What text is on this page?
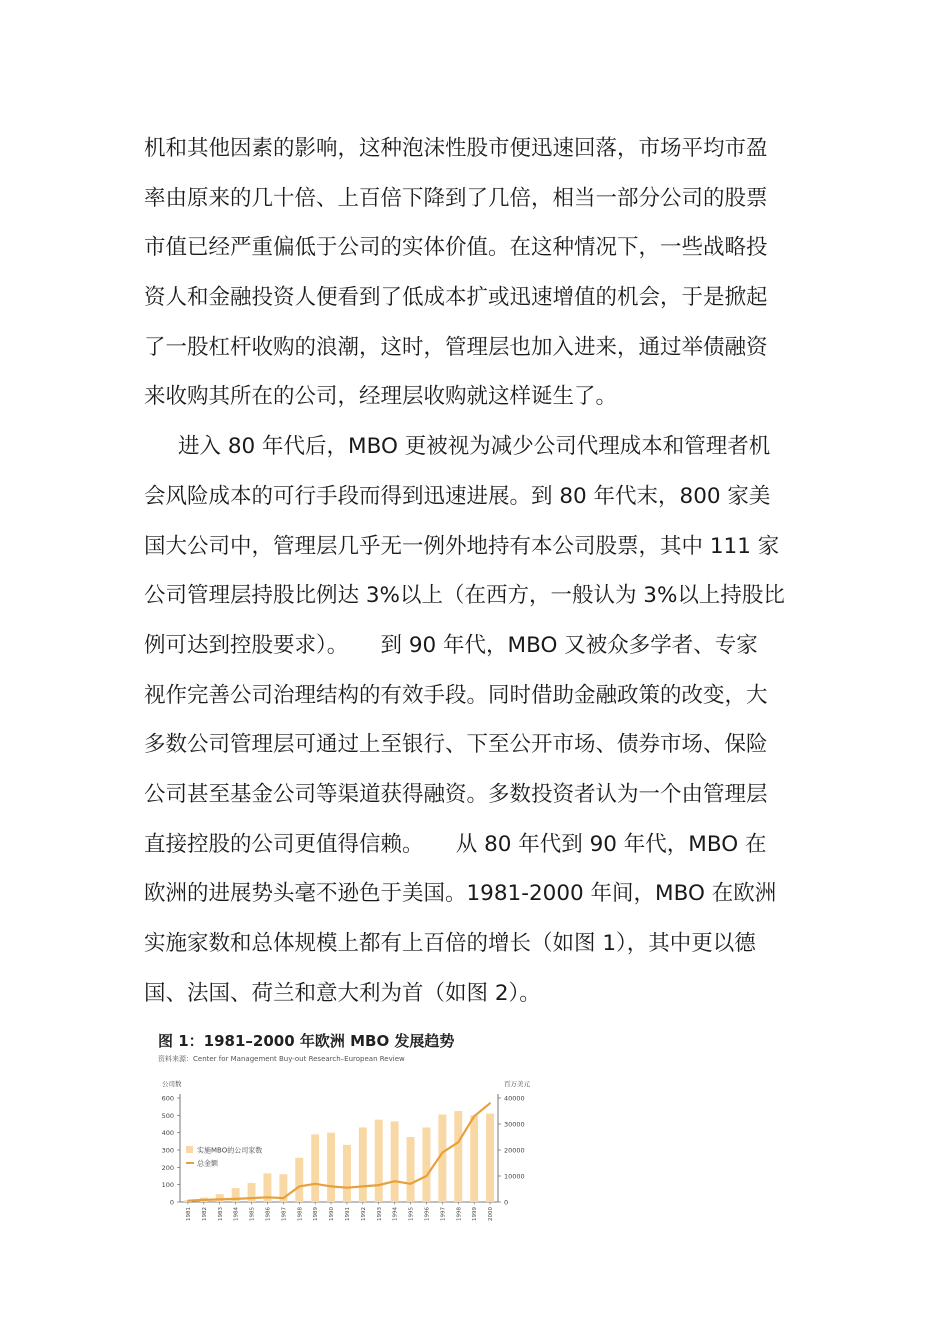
机和其他因素的影响，这种泡沫性股市便迅速回落，市场平均市盈
率由原来的几十倍、上百倍下降到了几倍，相当一部分公司的股票
市值已经严重偏低于公司的实体价值。在这种情况下，一些战略投
资人和金融投资人便看到了低成本扩或迅速增值的机会，于是掀起
了一股杠杆收购的浪潮，这时，管理层也加入进来，通过举债融资
来收购其所在的公司，经理层收购就这样诞生了。
进入 80 年代后，MBO 更被视为减少公司代理成本和管理者机
会风险成本的可行手段而得到迅速进展。到 80 年代末，800 家美
国大公司中，管理层几乎无一例外地持有本公司股票，其中 111 家
公司管理层持股比例达 3%以上（在西方，一般认为 3%以上持股比
例可达到控股要求）。　　到 90 年代，MBO 又被众多学者、专家
视作完善公司治理结构的有效手段。同时借助金融政策的改变，大
多数公司管理层可通过上至银行、下至公开市场、债券市场、保险
公司甚至基金公司等渠道获得融资。多数投资者认为一个由管理层
直接控股的公司更值得信赖。　　从 80 年代到 90 年代，MBO 在
欧洲的进展势头毫不逊色于美国。1981-2000 年间，MBO 在欧洲
实施家数和总体规模上都有上百倍的增长（如图 1），其中更以德
国、法国、荷兰和意大利为首（如图 2）。
图 1：1981–2000 年欧洲 MBO 发展趋势
资料来源：Center for Management Buy-out Research–European Review
公司数	百万美元
0
100
200
300
400
500
600
0
10000
20000
30000
40000
1981 1982 1983 1984 1985 1986 1987 1988 1989 1990 1991 1992 1993 1994 1995 1996 1997 1998 1999 2000
实施MBO的公司家数
总金额
